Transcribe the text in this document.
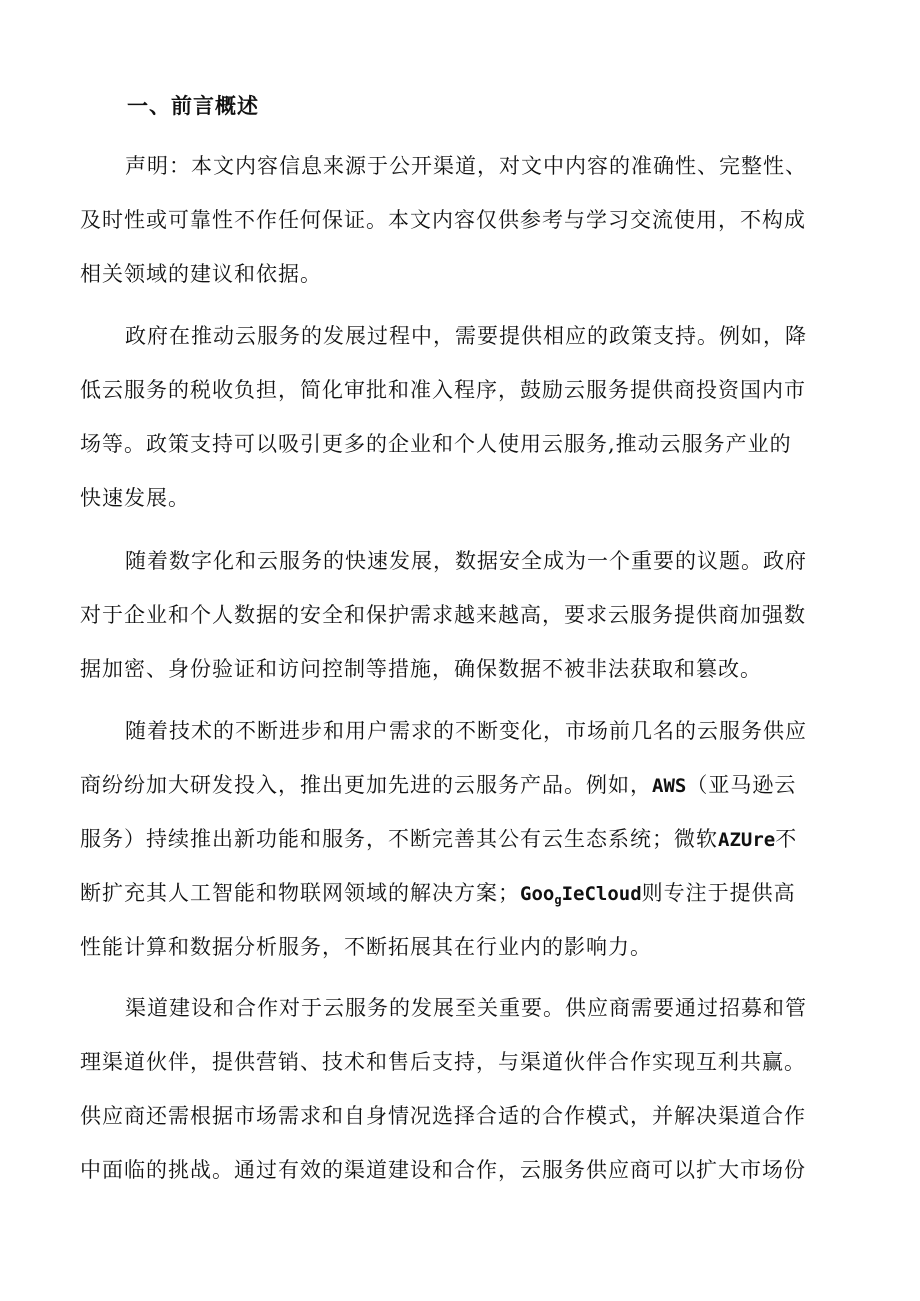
一、前言概述
声明：本文内容信息来源于公开渠道，对文中内容的准确性、完整性、
及时性或可靠性不作任何保证。本文内容仅供参考与学习交流使用，不构成
相关领域的建议和依据。
政府在推动云服务的发展过程中，需要提供相应的政策支持。例如，降
低云服务的税收负担，简化审批和准入程序，鼓励云服务提供商投资国内市
场等。政策支持可以吸引更多的企业和个人使用云服务,推动云服务产业的
快速发展。
随着数字化和云服务的快速发展，数据安全成为一个重要的议题。政府
对于企业和个人数据的安全和保护需求越来越高，要求云服务提供商加强数
据加密、身份验证和访问控制等措施，确保数据不被非法获取和篡改。
随着技术的不断进步和用户需求的不断变化，市场前几名的云服务供应
商纷纷加大研发投入，推出更加先进的云服务产品。例如，AWS（亚马逊云
服务）持续推出新功能和服务，不断完善其公有云生态系统；微软AZUre不
断扩充其人工智能和物联网领域的解决方案；Goo$_g$IeCloud则专注于提供高
性能计算和数据分析服务，不断拓展其在行业内的影响力。
渠道建设和合作对于云服务的发展至关重要。供应商需要通过招募和管
理渠道伙伴，提供营销、技术和售后支持，与渠道伙伴合作实现互利共赢。
供应商还需根据市场需求和自身情况选择合适的合作模式，并解决渠道合作
中面临的挑战。通过有效的渠道建设和合作，云服务供应商可以扩大市场份
